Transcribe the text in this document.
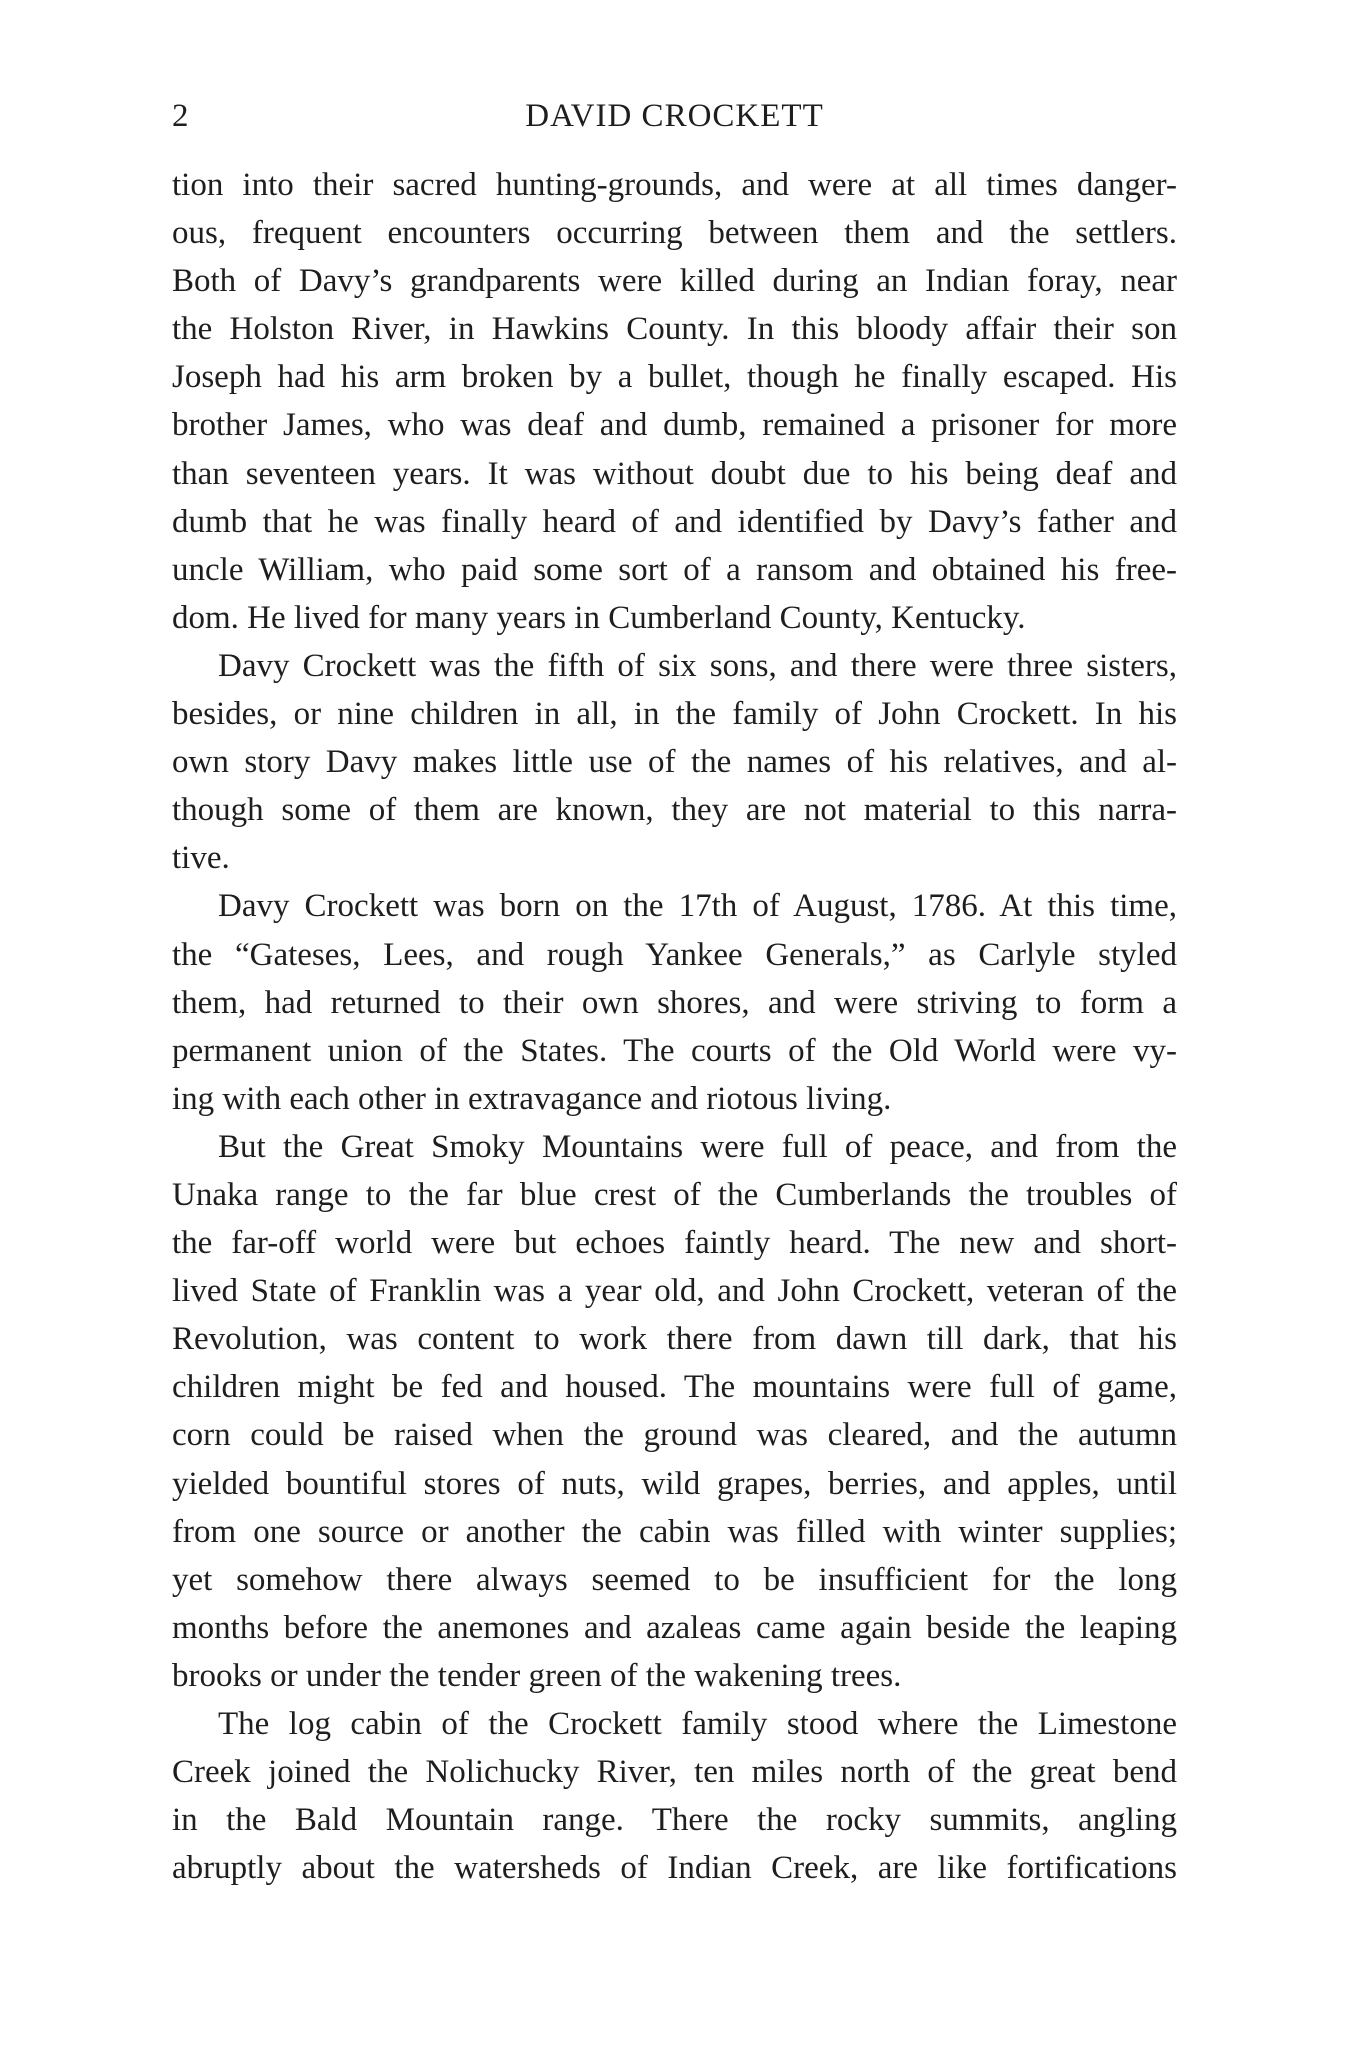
2	DAVID CROCKETT
tion into their sacred hunting-grounds, and were at all times danger-
ous, frequent encounters occurring between them and the settlers.
Both of Davy’s grandparents were killed during an Indian foray, near
the Holston River, in Hawkins County. In this bloody affair their son
Joseph had his arm broken by a bullet, though he finally escaped. His
brother James, who was deaf and dumb, remained a prisoner for more
than seventeen years. It was without doubt due to his being deaf and
dumb that he was finally heard of and identified by Davy’s father and
uncle William, who paid some sort of a ransom and obtained his free-
dom. He lived for many years in Cumberland County, Kentucky.
Davy Crockett was the fifth of six sons, and there were three sisters,
besides, or nine children in all, in the family of John Crockett. In his
own story Davy makes little use of the names of his relatives, and al-
though some of them are known, they are not material to this narra-
tive.
Davy Crockett was born on the 17th of August, 1786. At this time,
the “Gateses, Lees, and rough Yankee Generals,” as Carlyle styled
them, had returned to their own shores, and were striving to form a
permanent union of the States. The courts of the Old World were vy-
ing with each other in extravagance and riotous living.
But the Great Smoky Mountains were full of peace, and from the
Unaka range to the far blue crest of the Cumberlands the troubles of
the far-off world were but echoes faintly heard. The new and short-
lived State of Franklin was a year old, and John Crockett, veteran of the
Revolution, was content to work there from dawn till dark, that his
children might be fed and housed. The mountains were full of game,
corn could be raised when the ground was cleared, and the autumn
yielded bountiful stores of nuts, wild grapes, berries, and apples, until
from one source or another the cabin was filled with winter supplies;
yet somehow there always seemed to be insufficient for the long
months before the anemones and azaleas came again beside the leaping
brooks or under the tender green of the wakening trees.
The log cabin of the Crockett family stood where the Limestone
Creek joined the Nolichucky River, ten miles north of the great bend
in the Bald Mountain range. There the rocky summits, angling
abruptly about the watersheds of Indian Creek, are like fortifications
